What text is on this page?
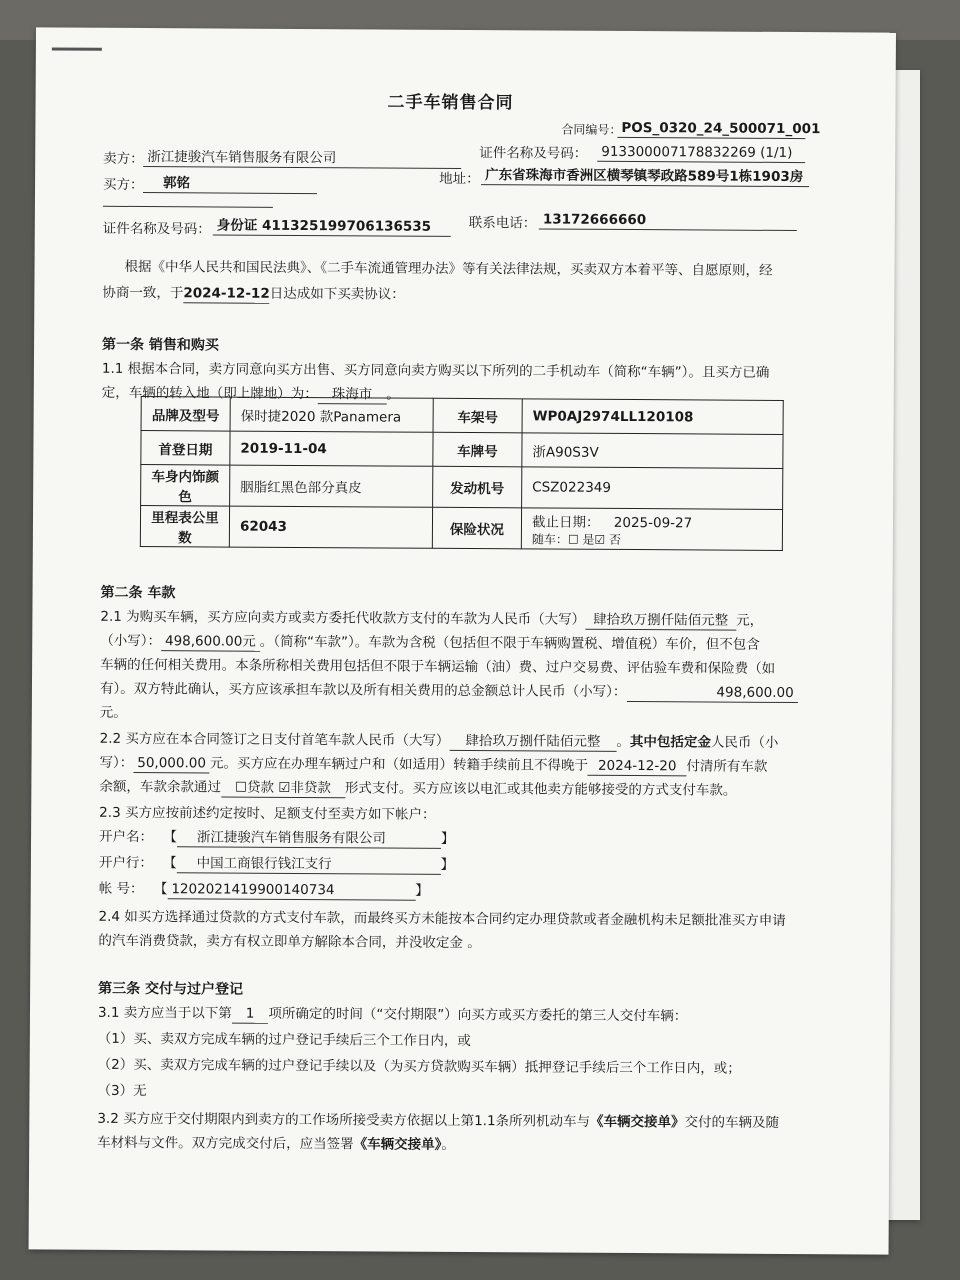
二手车销售合同
合同编号： POS_0320_24_500071_001
卖方： 浙江捷骏汽车销售服务有限公司	证件名称及号码： 913300007178832269 (1/1)
买方：	郭铭	地址： 广东省珠海市香洲区横琴镇琴政路589号1栋1903房
证件名称及号码： 身份证 411325199706136535	联系电话： 13172666660
根据《中华人民共和国民法典》、《二手车流通管理办法》等有关法律法规，买卖双方本着平等、自愿原则，经
协商一致，于2024-12-12日达成如下买卖协议：
第一条 销售和购买
1.1 根据本合同，卖方同意向买方出售、买方同意向卖方购买以下所列的二手机动车（简称“车辆”）。且买方已确
定，车辆的转入地（即上牌地）为： 珠海市 。
品牌及型号	保时捷2020 款Panamera	车架号	WP0AJ2974LL120108
首登日期	2019-11-04	车牌号	浙A90S3V
车身内饰颜色	胭脂红黑色部分真皮	发动机号	CSZ022349
里程表公里数	62043	保险状况	截止日期： 2025-09-27
随车：☐ 是☑ 否
第二条 车款
2.1 为购买车辆，买方应向卖方或卖方委托代收款方支付的车款为人民币（大写） 肆拾玖万捌仟陆佰元整 元，
（小写）： 498,600.00元 。（简称“车款”）。车款为含税（包括但不限于车辆购置税、增值税）车价，但不包含
车辆的任何相关费用。本条所称相关费用包括但不限于车辆运输（油）费、过户交易费、评估验车费和保险费（如
有）。双方特此确认，买方应该承担车款以及所有相关费用的总金额总计人民币（小写）：	498,600.00
元。
2.2 买方应在本合同签订之日支付首笔车款人民币（大写） 肆拾玖万捌仟陆佰元整 。其中包括定金人民币（小
写）： 50,000.00 元。买方应在办理车辆过户和（如适用）转籍手续前且不得晚于 2024-12-20 付清所有车款
余额，车款余款通过 ☐贷款 ☑非贷款 形式支付。买方应该以电汇或其他卖方能够接受的方式支付车款。
2.3 买方应按前述约定按时、足额支付至卖方如下帐户：
开户名： 【 浙江捷骏汽车销售服务有限公司	】
开户行： 【 中国工商银行钱江支行	】
帐 号： 【 1202021419900140734	】
2.4 如买方选择通过贷款的方式支付车款，而最终买方未能按本合同约定办理贷款或者金融机构未足额批准买方申请
的汽车消费贷款，卖方有权立即单方解除本合同，并没收定金 。
第三条 交付与过户登记
3.1 卖方应当于以下第 1 项所确定的时间（“交付期限”）向买方或买方委托的第三人交付车辆：
（1）买、卖双方完成车辆的过户登记手续后三个工作日内，或
（2）买、卖双方完成车辆的过户登记手续以及（为买方贷款购买车辆）抵押登记手续后三个工作日内，或；
（3）无
3.2 买方应于交付期限内到卖方的工作场所接受卖方依据以上第1.1条所列机动车与《车辆交接单》交付的车辆及随
车材料与文件。双方完成交付后，应当签署《车辆交接单》。
